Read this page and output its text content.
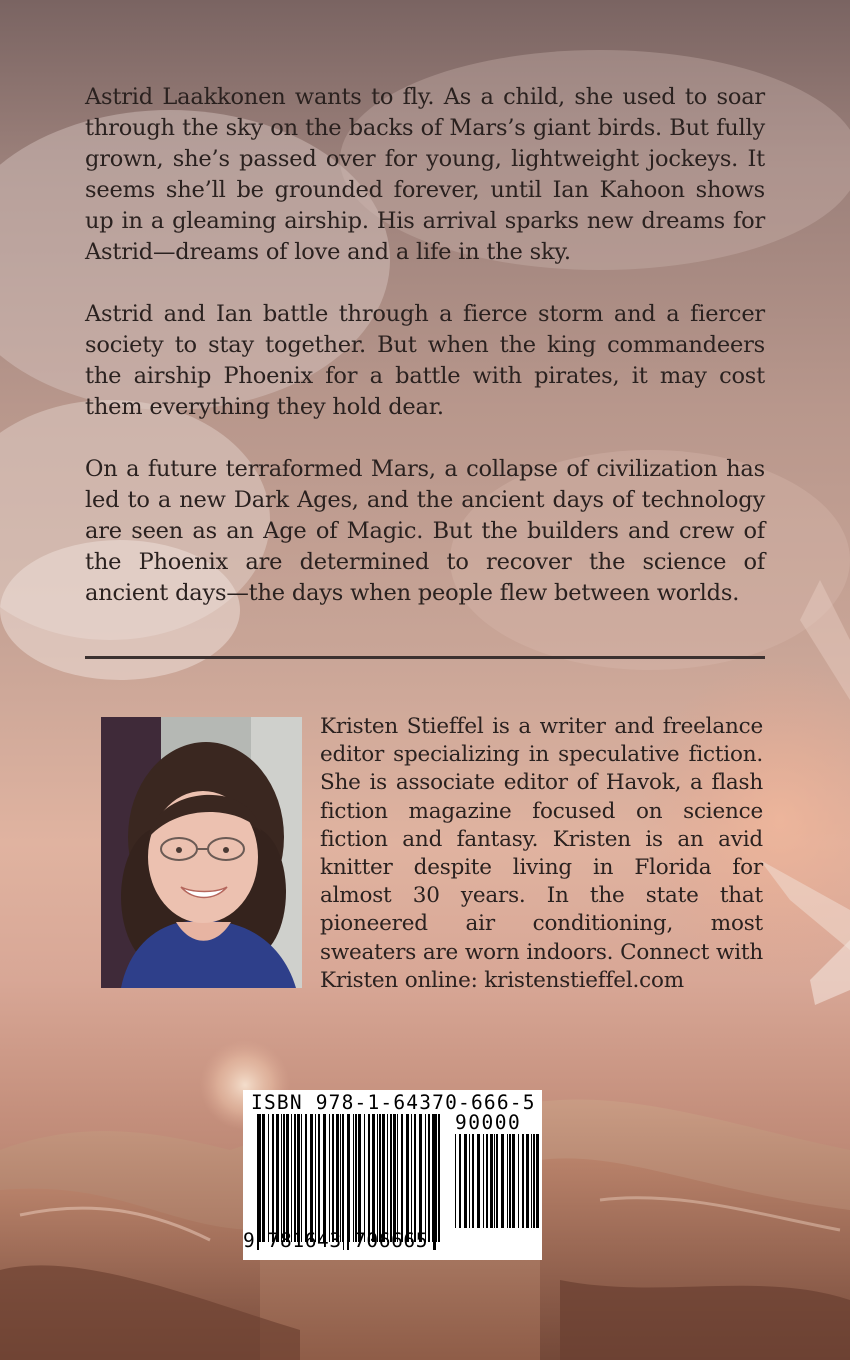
Astrid Laakkonen wants to fly. As a child, she used to soar through the sky on the backs of Mars’s giant birds. But fully grown, she’s passed over for young, lightweight jockeys. It seems she’ll be grounded forever, until Ian Kahoon shows up in a gleaming airship. His arrival sparks new dreams for Astrid—dreams of love and a life in the sky.

Astrid and Ian battle through a fierce storm and a fiercer society to stay together. But when the king commandeers the airship Phoenix for a battle with pirates, it may cost them everything they hold dear.

On a future terraformed Mars, a collapse of civilization has led to a new Dark Ages, and the ancient days of technology are seen as an Age of Magic. But the builders and crew of the Phoenix are determined to recover the science of ancient days—the days when people flew between worlds.

Kristen Stieffel is a writer and freelance editor specializing in speculative fiction. She is associate editor of Havok, a flash fiction magazine focused on science fiction and fantasy. Kristen is an avid knitter despite living in Florida for almost 30 years. In the state that pioneered air conditioning, most sweaters are worn indoors. Connect with Kristen online: kristenstieffel.com

ISBN 978-1-64370-666-5
90000
9 781643 706665
